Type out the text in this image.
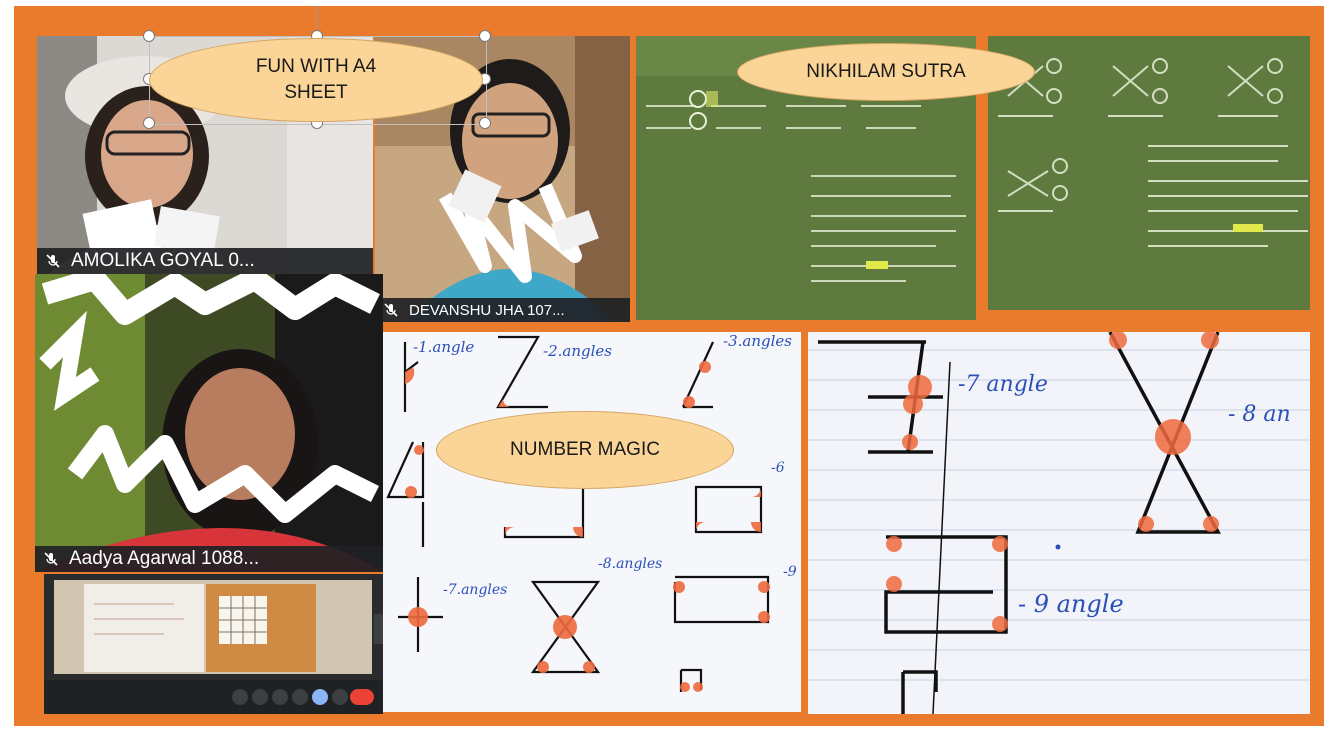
AMOLIKA GOYAL 0...
DEVANSHU JHA 107...
Aadya Agarwal 1088...
-1.angle	-2.angles
-3.angles
-6
-7.angles
-8.angles	-9
-7 angle
- 8 an
- 9 angle
FUN WITH A4 SHEET
NIKHILAM SUTRA
NUMBER MAGIC
